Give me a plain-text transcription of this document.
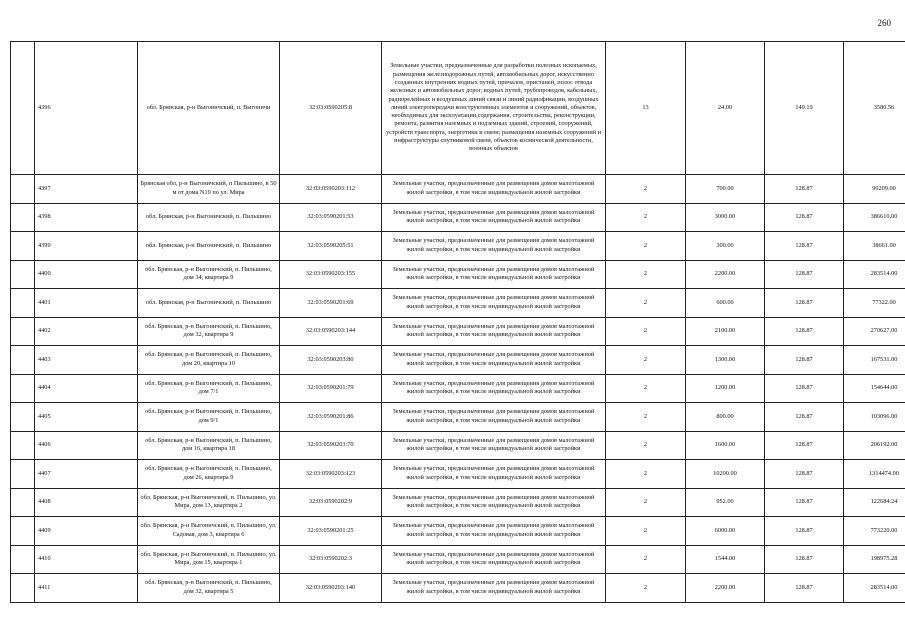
260
	4396	обл. Брянская, р-н Выгоничский, п. Выгоничи	32:03:0590205:8	Земельные участки, предназначенные для разработки полезных ископаемых, размещения железнодорожных путей, автомобильных дорог, искусственно созданных внутренних водных путей, причалов, пристаней, полос отвода железных и автомобильных дорог, водных путей, трубопроводов, кабельных, радиорелейных и воздушных линий связи и линий радиофикации, воздушных линий электропередачи конструктивных элементов и сооружений, объектов, необходимых для эксплуатации,содержания, строительства, реконструкции, ремонта, развития наземных и подземных зданий, строений, сооружений, устройств транспорта, энергетики и связи; размещения наземных сооружений и инфраструктуры спутниковой связи, объектов космической деятельности, военных объектов	13	24.00	149.19	3580.56
	4397	Брянская обл, р-н Выгоничский, п Пильшино, в 50 м от дома N19 по ул. Мира	32:03:0590203:112	Земельные участки, предназначенные для размещения домов малоэтажной жилой застройки, в том числе индивидуальной жилой застройки	2	700.00	128.87	90209.00
	4398	обл. Брянская, р-н Выгоничский, п. Пильшино	32:03:0590201:53	Земельные участки, предназначенные для размещения домов малоэтажной жилой застройки, в том числе индивидуальной жилой застройки	2	3000.00	128.87	386610.00
	4399	обл. Брянская, р-н Выгоничский, п. Пильшино	32:03:0590205:51	Земельные участки, предназначенные для размещения домов малоэтажной жилой застройки, в том числе индивидуальной жилой застройки	2	300.00	128.87	38661.00
	4400	обл. Брянская, р-н Выгоничский, п. Пильшино, дом 34, квартира 9	32:03:0590203:155	Земельные участки, предназначенные для размещения домов малоэтажной жилой застройки, в том числе индивидуальной жилой застройки	2	2200.00	128.87	283514.00
	4401	обл. Брянская, р-н Выгоничский, п. Пильшино	32:03:0590201:69	Земельные участки, предназначенные для размещения домов малоэтажной жилой застройки, в том числе индивидуальной жилой застройки	2	600.00	128.87	77322.00
	4402	обл. Брянская, р-н Выгоничский, п. Пильшино, дом 32, квартира 9	32:03:0590203:144	Земельные участки, предназначенные для размещения домов малоэтажной жилой застройки, в том числе индивидуальной жилой застройки	2	2100.00	128.87	270627.00
	4403	обл. Брянская, р-н Выгоничский, п. Пильшино, дом 20, квартира 10	32:03:0590203:80	Земельные участки, предназначенные для размещения домов малоэтажной жилой застройки, в том числе индивидуальной жилой застройки	2	1300.00	128.87	167531.00
	4404	обл. Брянская, р-н Выгоничский, п. Пильшино, дом 7/1	32:03:0590201:79	Земельные участки, предназначенные для размещения домов малоэтажной жилой застройки, в том числе индивидуальной жилой застройки	2	1200.00	128.87	154644.00
	4405	обл. Брянская, р-н Выгоничский, п. Пильшино, дом 9/1	32:03:0590201:86	Земельные участки, предназначенные для размещения домов малоэтажной жилой застройки, в том числе индивидуальной жилой застройки	2	800.00	128.87	103096.00
	4406	обл. Брянская, р-н Выгоничский, п. Пильшино, дом 16, квартира 18	32:03:0590203:70	Земельные участки, предназначенные для размещения домов малоэтажной жилой застройки, в том числе индивидуальной жилой застройки	2	1600.00	128.87	206192.00
	4407	обл. Брянская, р-н Выгоничский, п. Пильшино, дом 26, квартира 9	32:03:0590203:123	Земельные участки, предназначенные для размещения домов малоэтажной жилой застройки, в том числе индивидуальной жилой застройки	2	10200.00	128.87	1314474.00
	4408	обл. Брянская, р-н Выгоничский, п. Пильшино, ул. Мира, дом 13, квартира 2	32:03:0590202:9	Земельные участки, предназначенные для размещения домов малоэтажной жилой застройки, в том числе индивидуальной жилой застройки	2	952.00	128.87	122684.24
	4409	обл. Брянская, р-н Выгоничский, п. Пильшино, ул. Садовая, дом 3, квартира 6	32:03:0590201:25	Земельные участки, предназначенные для размещения домов малоэтажной жилой застройки, в том числе индивидуальной жилой застройки	2	6000.00	128.87	773220.00
	4410	обл. Брянская, р-н Выгоничский, п. Пильшино, ул. Мира, дом 15, квартира 1	32:03:0590202:3	Земельные участки, предназначенные для размещения домов малоэтажной жилой застройки, в том числе индивидуальной жилой застройки	2	1544.00	128.87	198975.28
	4411	обл. Брянская, р-н Выгоничский, п. Пильшино, дом 32, квартира 5	32:03:0590203:140	Земельные участки, предназначенные для размещения домов малоэтажной жилой застройки, в том числе индивидуальной жилой застройки	2	2200.00	128.87	283514.00
